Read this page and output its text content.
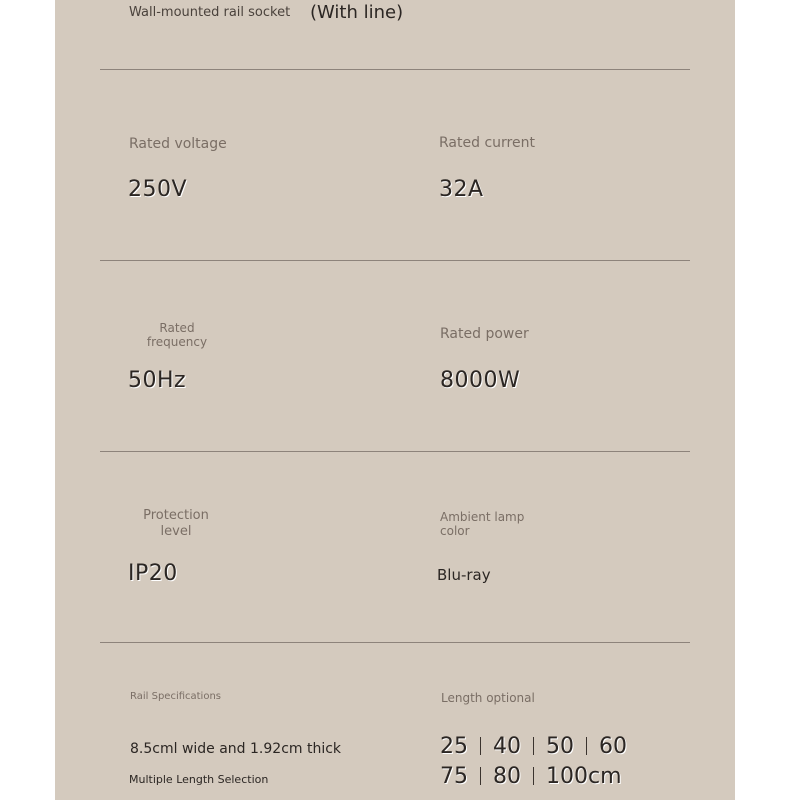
Wall-mounted rail socket (With line)
Rated voltage
250V
Rated current
32A
Rated
frequency
50Hz
Rated power
8000W
Protection
level
IP20
Ambient lamp
color
Blu-ray
Rail Specifications
8.5cml wide and 1.92cm thick
Multiple Length Selection
Length optional
25 40 50 60
75 80 100cm
